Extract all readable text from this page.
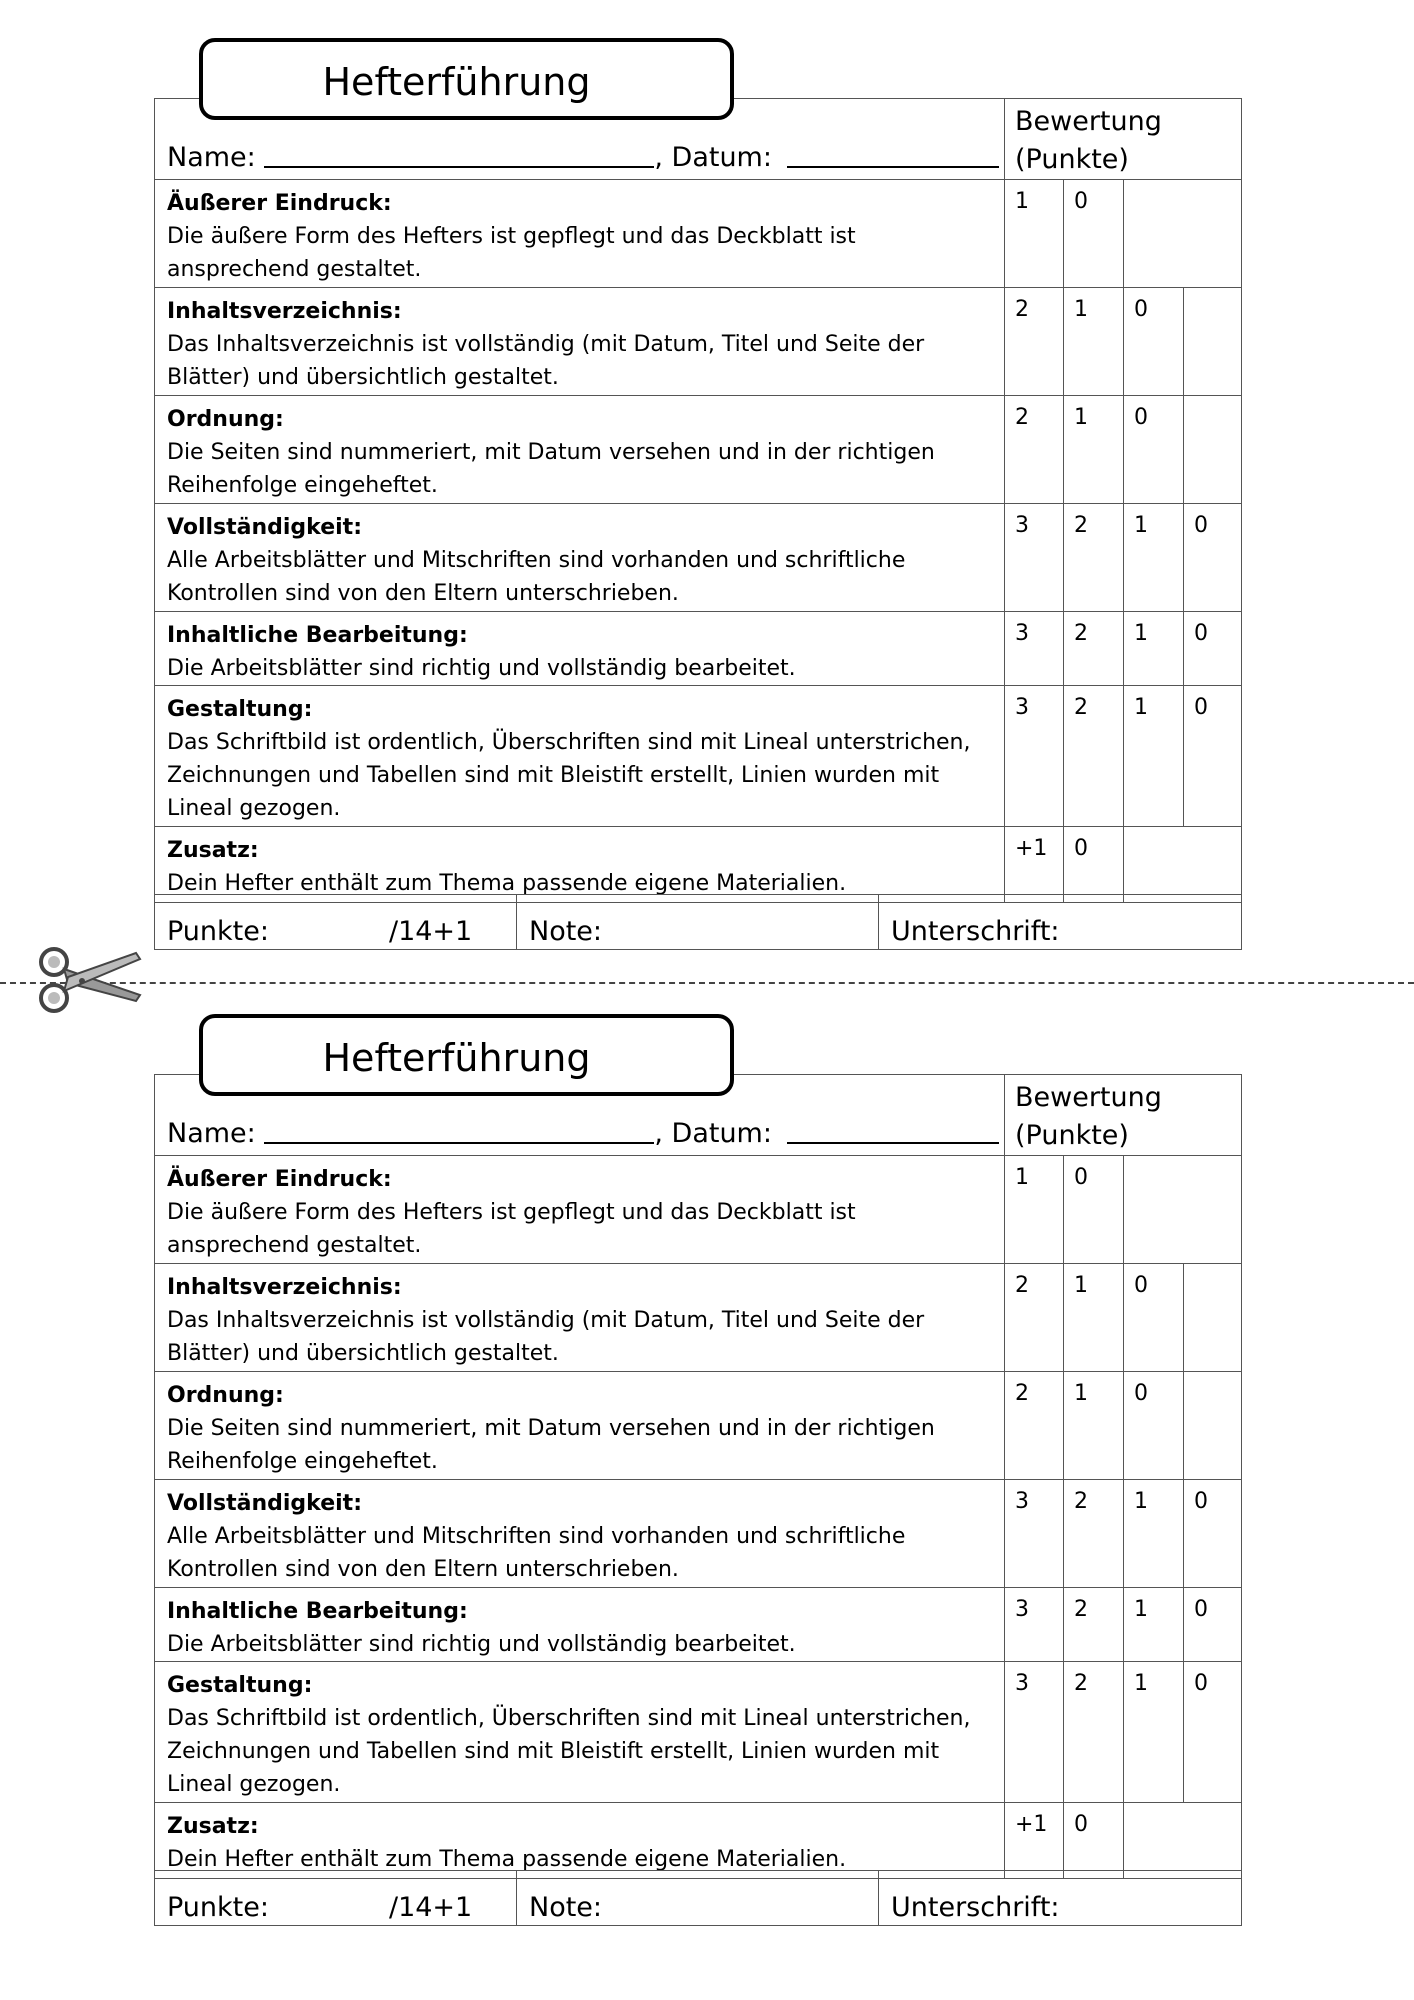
Hefterführung
Name: , Datum:	Bewertung
(Punkte)			

Äußerer Eindruck:
Die äußere Form des Hefters ist gepflegt und das Deckblatt ist ansprechend gestaltet.	1	0		

Inhaltsverzeichnis:
Das Inhaltsverzeichnis ist vollständig (mit Datum, Titel und Seite der Blätter) und übersichtlich gestaltet.	2	1	0	

Ordnung:
Die Seiten sind nummeriert, mit Datum versehen und in der richtigen Reihenfolge eingeheftet.	2	1	0	

Vollständigkeit:
Alle Arbeitsblätter und Mitschriften sind vorhanden und schriftliche Kontrollen sind von den Eltern unterschrieben.	3	2	1	0

Inhaltliche Bearbeitung:
Die Arbeitsblätter sind richtig und vollständig bearbeitet.	3	2	1	0

Gestaltung:
Das Schriftbild ist ordentlich, Überschriften sind mit Lineal unterstrichen, Zeichnungen und Tabellen sind mit Bleistift erstellt, Linien wurden mit Lineal gezogen.	3	2	1	0

Zusatz:
Dein Hefter enthält zum Thema passende eigene Materialien.	+1	0		

Punkte:	/14+1	Note:	Unterschrift:
Hefterführung
Name: , Datum:	Bewertung
(Punkte)			

Äußerer Eindruck:
Die äußere Form des Hefters ist gepflegt und das Deckblatt ist ansprechend gestaltet.	1	0		

Inhaltsverzeichnis:
Das Inhaltsverzeichnis ist vollständig (mit Datum, Titel und Seite der Blätter) und übersichtlich gestaltet.	2	1	0	

Ordnung:
Die Seiten sind nummeriert, mit Datum versehen und in der richtigen Reihenfolge eingeheftet.	2	1	0	

Vollständigkeit:
Alle Arbeitsblätter und Mitschriften sind vorhanden und schriftliche Kontrollen sind von den Eltern unterschrieben.	3	2	1	0

Inhaltliche Bearbeitung:
Die Arbeitsblätter sind richtig und vollständig bearbeitet.	3	2	1	0

Gestaltung:
Das Schriftbild ist ordentlich, Überschriften sind mit Lineal unterstrichen, Zeichnungen und Tabellen sind mit Bleistift erstellt, Linien wurden mit Lineal gezogen.	3	2	1	0

Zusatz:
Dein Hefter enthält zum Thema passende eigene Materialien.	+1	0		

Punkte:	/14+1	Note:	Unterschrift:
